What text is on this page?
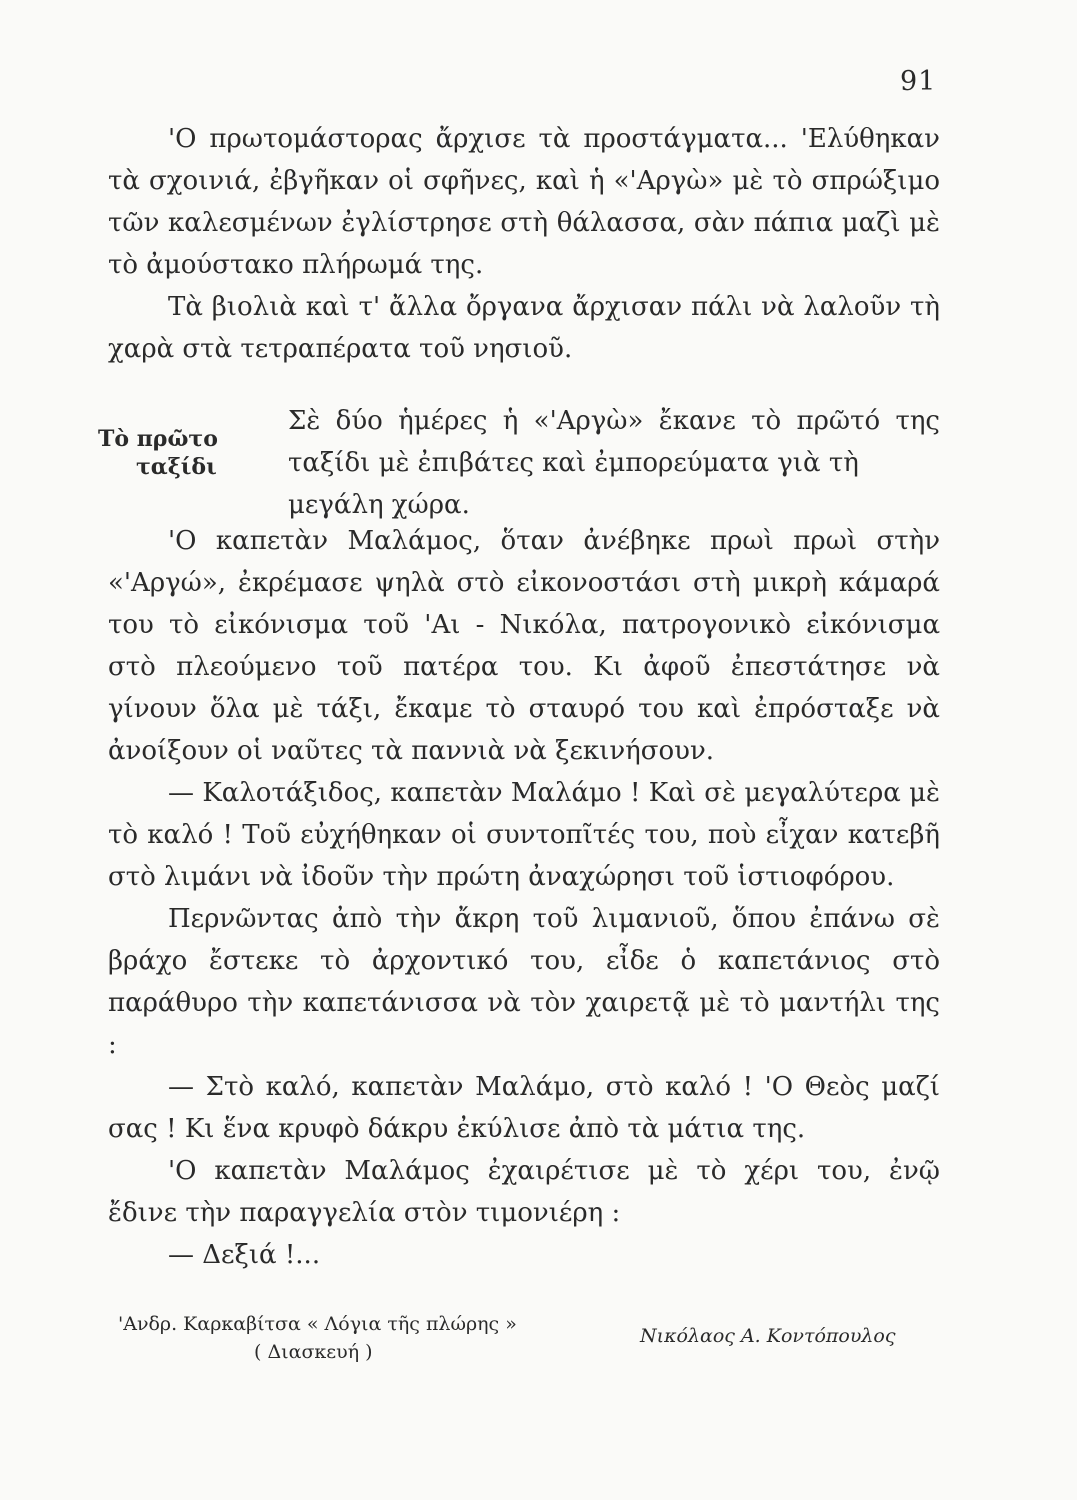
91

'Ο πρωτομάστορας ἄρχισε τὰ προστάγματα... 'Ελύθηκαν τὰ σχοινιά, ἐβγῆκαν οἱ σφῆνες, καὶ ἡ «'Αργὼ» μὲ τὸ σπρώξιμο τῶν καλεσμένων ἐγλίστρησε στὴ θάλασσα, σὰν πάπια μαζὶ μὲ τὸ ἀμούστακο πλήρωμά της.

Τὰ βιολιὰ καὶ τ' ἄλλα ὄργανα ἄρχισαν πάλι νὰ λαλοῦν τὴ χαρὰ στὰ τετραπέρατα τοῦ νησιοῦ.

Τὸ πρῶτο
ταξίδι

Σὲ δύο ἡμέρες ἡ «'Αργὼ» ἔκανε τὸ πρῶτό της ταξίδι μὲ ἐπιβάτες καὶ ἐμπορεύματα γιὰ τὴ

μεγάλη χώρα.

'Ο καπετὰν Μαλάμος, ὅταν ἀνέβηκε πρωὶ πρωὶ στὴν «'Αργώ», ἐκρέμασε ψηλὰ στὸ εἰκονοστάσι στὴ μικρὴ κάμαρά του τὸ εἰκόνισμα τοῦ 'Αι - Νικόλα, πατρογονικὸ εἰκόνισμα στὸ πλεούμενο τοῦ πατέρα του. Κι ἀφοῦ ἐπεστάτησε νὰ γίνουν ὅλα μὲ τάξι, ἔκαμε τὸ σταυρό του καὶ ἐπρόσταξε νὰ ἀνοίξουν οἱ ναῦτες τὰ παννιὰ νὰ ξεκινήσουν.

— Καλοτάξιδος, καπετὰν Μαλάμο ! Καὶ σὲ μεγαλύτερα μὲ τὸ καλό ! Τοῦ εὐχήθηκαν οἱ συντοπῖτές του, ποὺ εἶχαν κατεβῆ στὸ λιμάνι νὰ ἰδοῦν τὴν πρώτη ἀναχώρησι τοῦ ἱστιοφόρου.

Περνῶντας ἀπὸ τὴν ἄκρη τοῦ λιμανιοῦ, ὅπου ἐπάνω σὲ βράχο ἔστεκε τὸ ἀρχοντικό του, εἶδε ὁ καπετάνιος στὸ παράθυρο τὴν καπετάνισσα νὰ τὸν χαιρετᾷ μὲ τὸ μαντήλι της :

— Στὸ καλό, καπετὰν Μαλάμο, στὸ καλό ! 'Ο Θεὸς μαζί σας ! Κι ἕνα κρυφὸ δάκρυ ἐκύλισε ἀπὸ τὰ μάτια της.

'Ο καπετὰν Μαλάμος ἐχαιρέτισε μὲ τὸ χέρι του, ἐνῷ ἔδινε τὴν παραγγελία στὸν τιμονιέρη :

— Δεξιά !...

'Ανδρ. Καρκαβίτσα « Λόγια τῆς πλώρης »
( Διασκευή )
Νικόλαος Α. Κοντόπουλος
